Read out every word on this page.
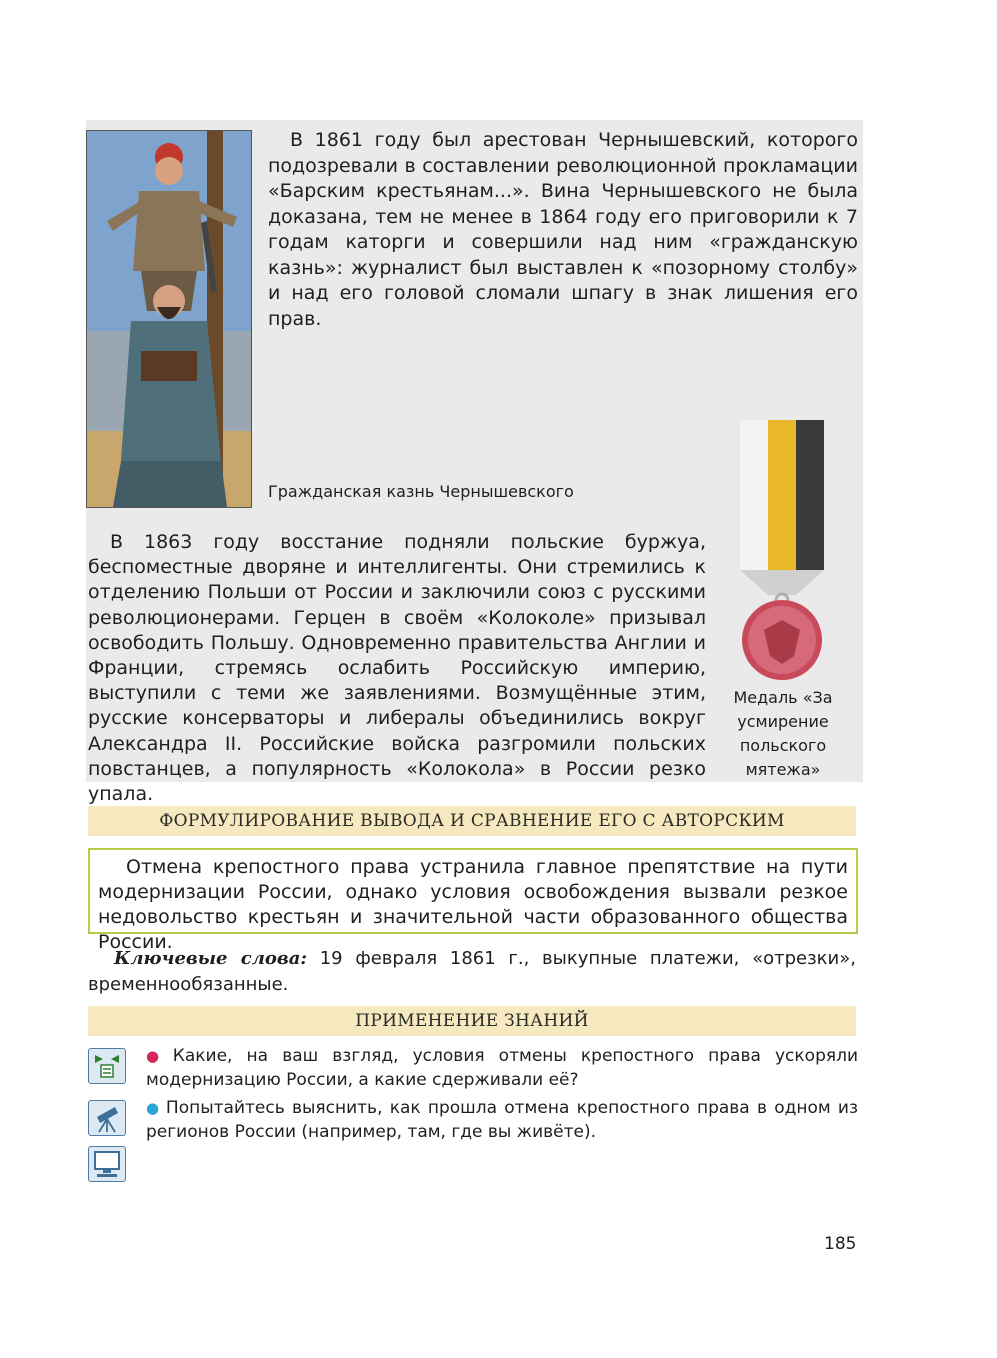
В 1861 году был арестован Чернышевский, которого подозревали в составлении революционной прокламации «Барским крестьянам...». Вина Чернышевского не была доказана, тем не менее в 1864 году его приговорили к 7 годам каторги и совершили над ним «гражданскую казнь»: журналист был выставлен к «позорному столбу» и над его головой сломали шпагу в знак лишения его прав.

Гражданская казнь Чернышевского

В 1863 году восстание подняли польские буржуа, беспоместные дворяне и интеллигенты. Они стремились к отделению Польши от России и заключили союз с русскими революционерами. Герцен в своём «Колоколе» призывал освободить Польшу. Одновременно правительства Англии и Франции, стремясь ослабить Российскую империю, выступили с теми же заявлениями. Возмущённые этим, русские консерваторы и либералы объединились вокруг Александра II. Российские войска разгромили польских повстанцев, а популярность «Колокола» в России резко упала.

Медаль «За усмирение польского мятежа»

ФОРМУЛИРОВАНИЕ ВЫВОДА И СРАВНЕНИЕ ЕГО С АВТОРСКИМ

Отмена крепостного права устранила главное препятствие на пути модернизации России, однако условия освобождения вызвали резкое недовольство крестьян и значительной части образованного общества России.

Ключевые слова: 19 февраля 1861 г., выкупные платежи, «отрезки», временнообязанные.

ПРИМЕНЕНИЕ ЗНАНИЙ

● Какие, на ваш взгляд, условия отмены крепостного права ускоряли модернизацию России, а какие сдерживали её?

● Попытайтесь выяснить, как прошла отмена крепостного права в одном из регионов России (например, там, где вы живёте).

185
